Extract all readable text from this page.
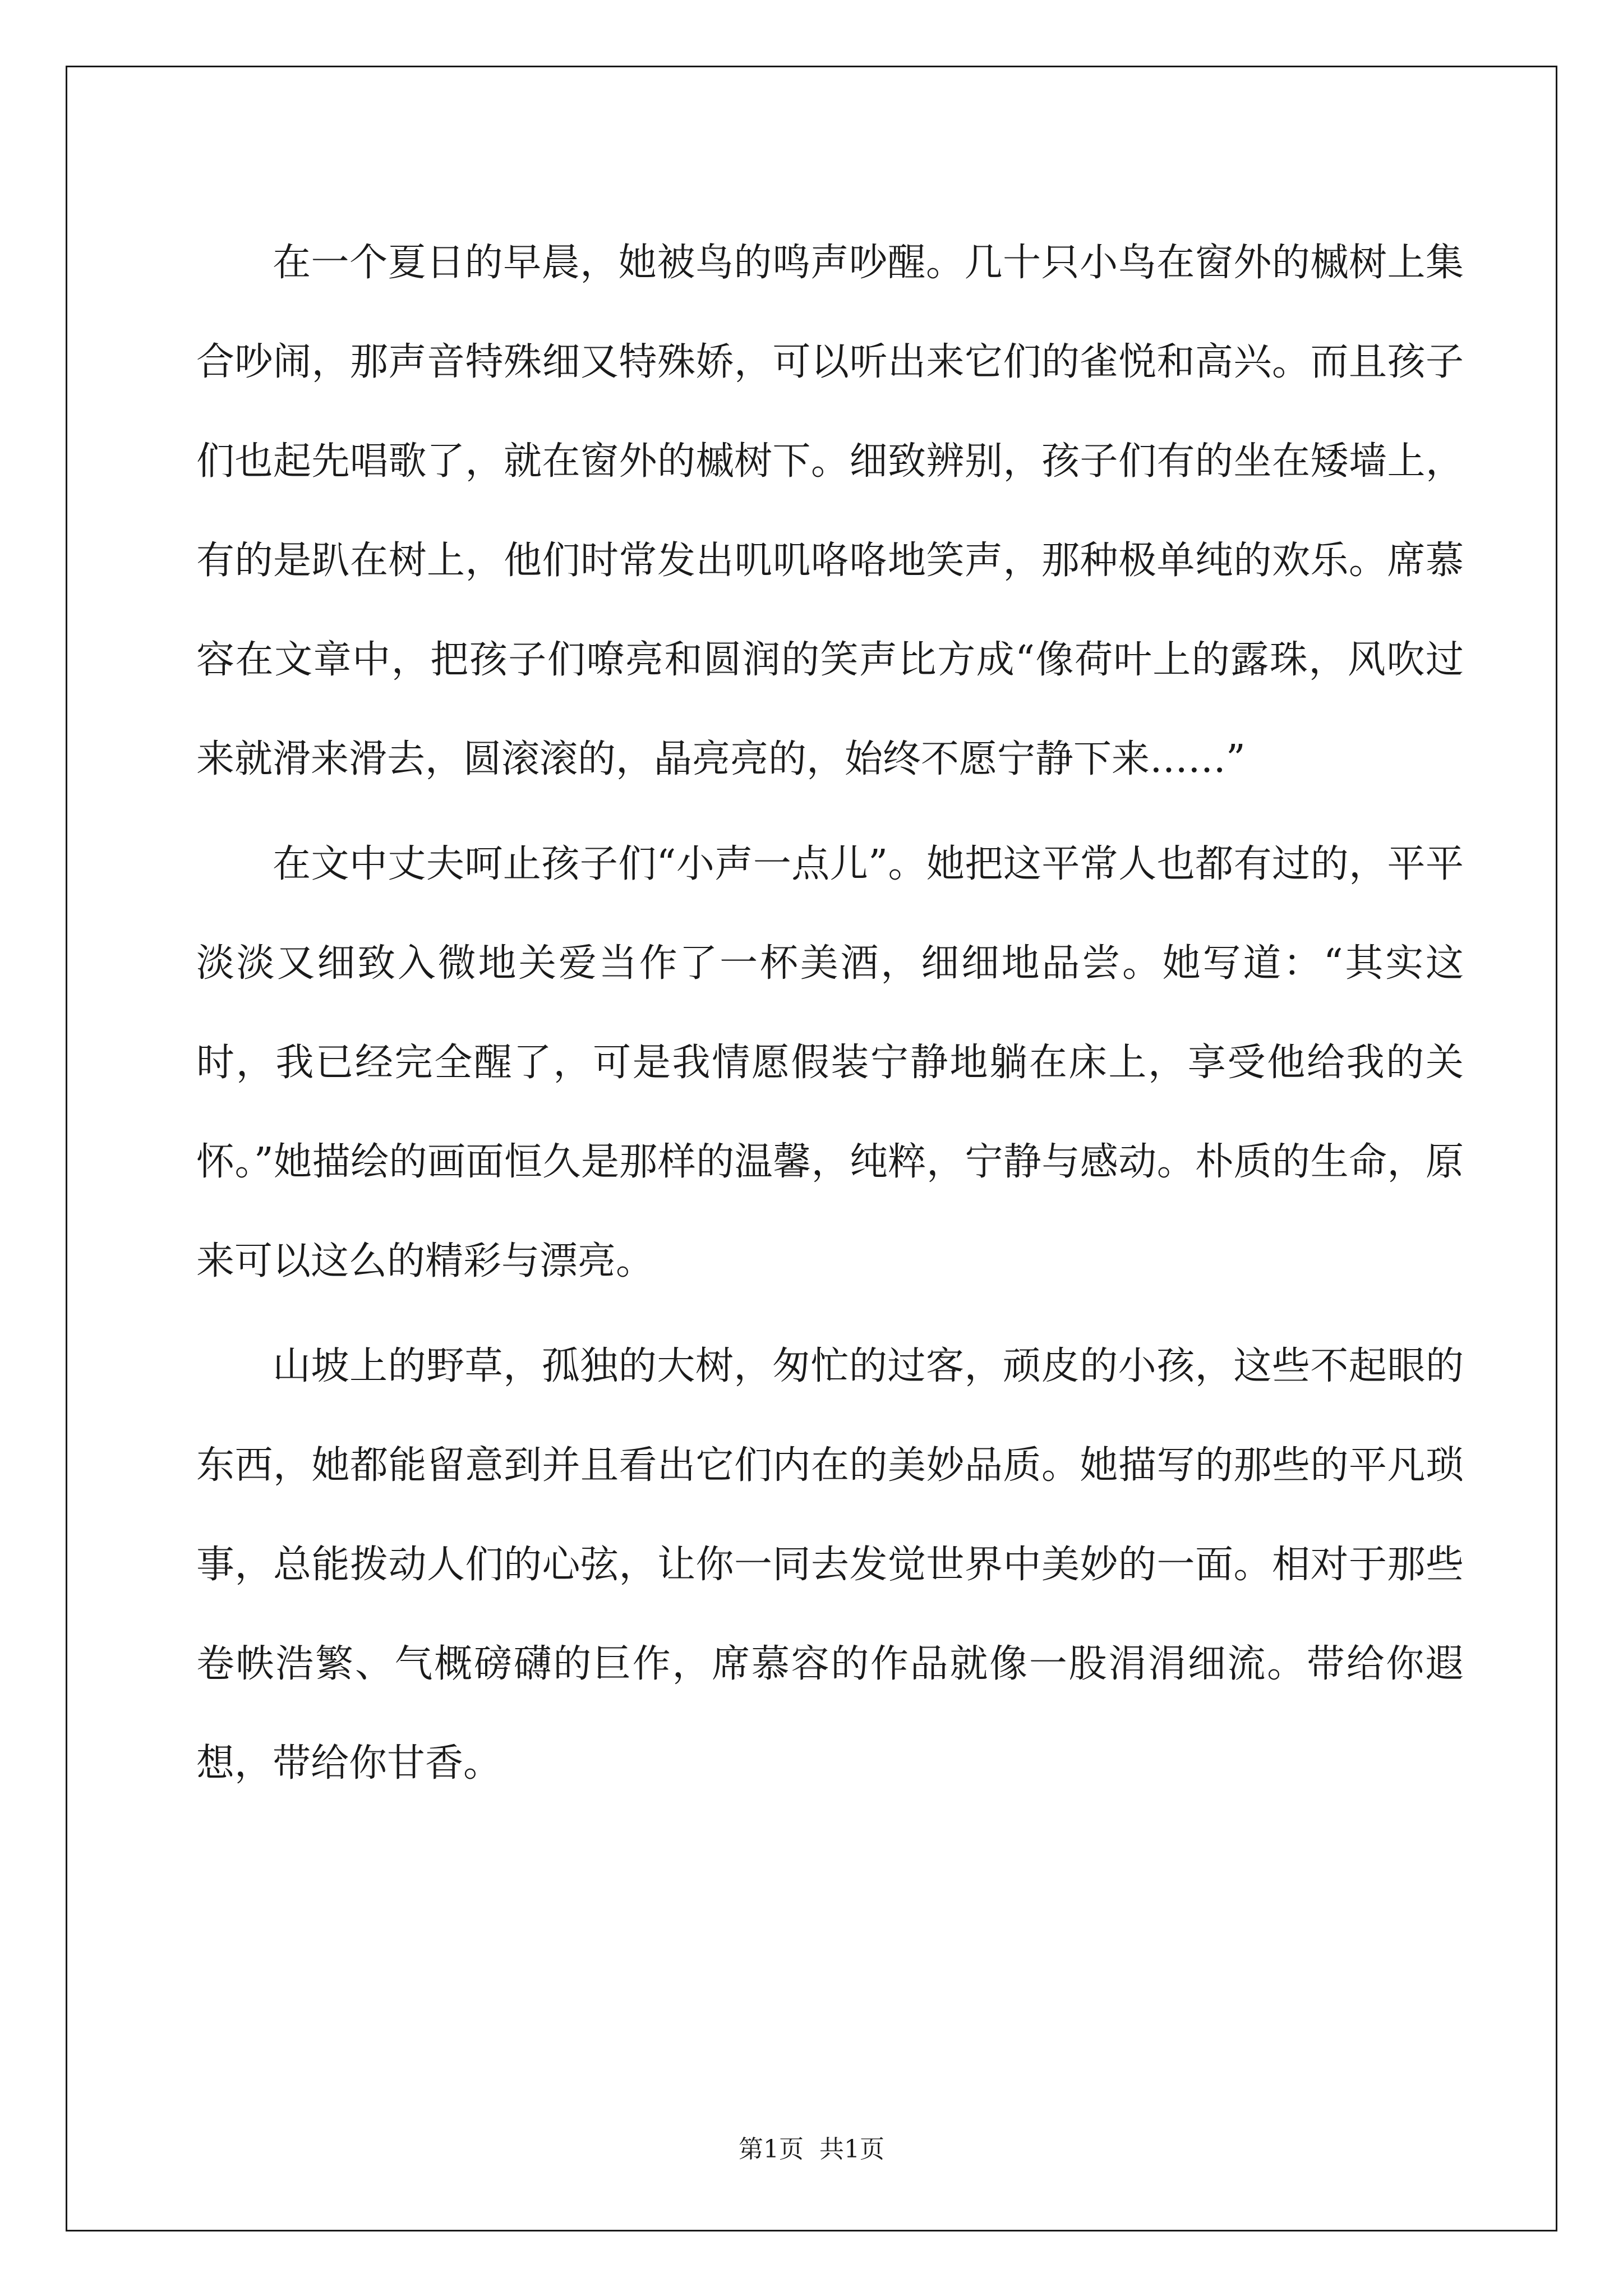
在一个夏日的早晨，她被鸟的鸣声吵醒。几十只小鸟在窗外的槭树上集合吵闹，那声音特殊细又特殊娇，可以听出来它们的雀悦和高兴。而且孩子们也起先唱歌了，就在窗外的槭树下。细致辨别，孩子们有的坐在矮墙上，有的是趴在树上，他们时常发出叽叽咯咯地笑声，那种极单纯的欢乐。席慕容在文章中，把孩子们嘹亮和圆润的笑声比方成“像荷叶上的露珠，风吹过来就滑来滑去，圆滚滚的，晶亮亮的，始终不愿宁静下来……”

在文中丈夫呵止孩子们“小声一点儿”。她把这平常人也都有过的，平平淡淡又细致入微地关爱当作了一杯美酒，细细地品尝。她写道：“其实这时，我已经完全醒了，可是我情愿假装宁静地躺在床上，享受他给我的关怀。”她描绘的画面恒久是那样的温馨，纯粹，宁静与感动。朴质的生命，原来可以这么的精彩与漂亮。

山坡上的野草，孤独的大树，匆忙的过客，顽皮的小孩，这些不起眼的东西，她都能留意到并且看出它们内在的美妙品质。她描写的那些的平凡琐事，总能拨动人们的心弦，让你一同去发觉世界中美妙的一面。相对于那些卷帙浩繁、气概磅礴的巨作，席慕容的作品就像一股涓涓细流。带给你遐想，带给你甘香。

第1页 共1页
